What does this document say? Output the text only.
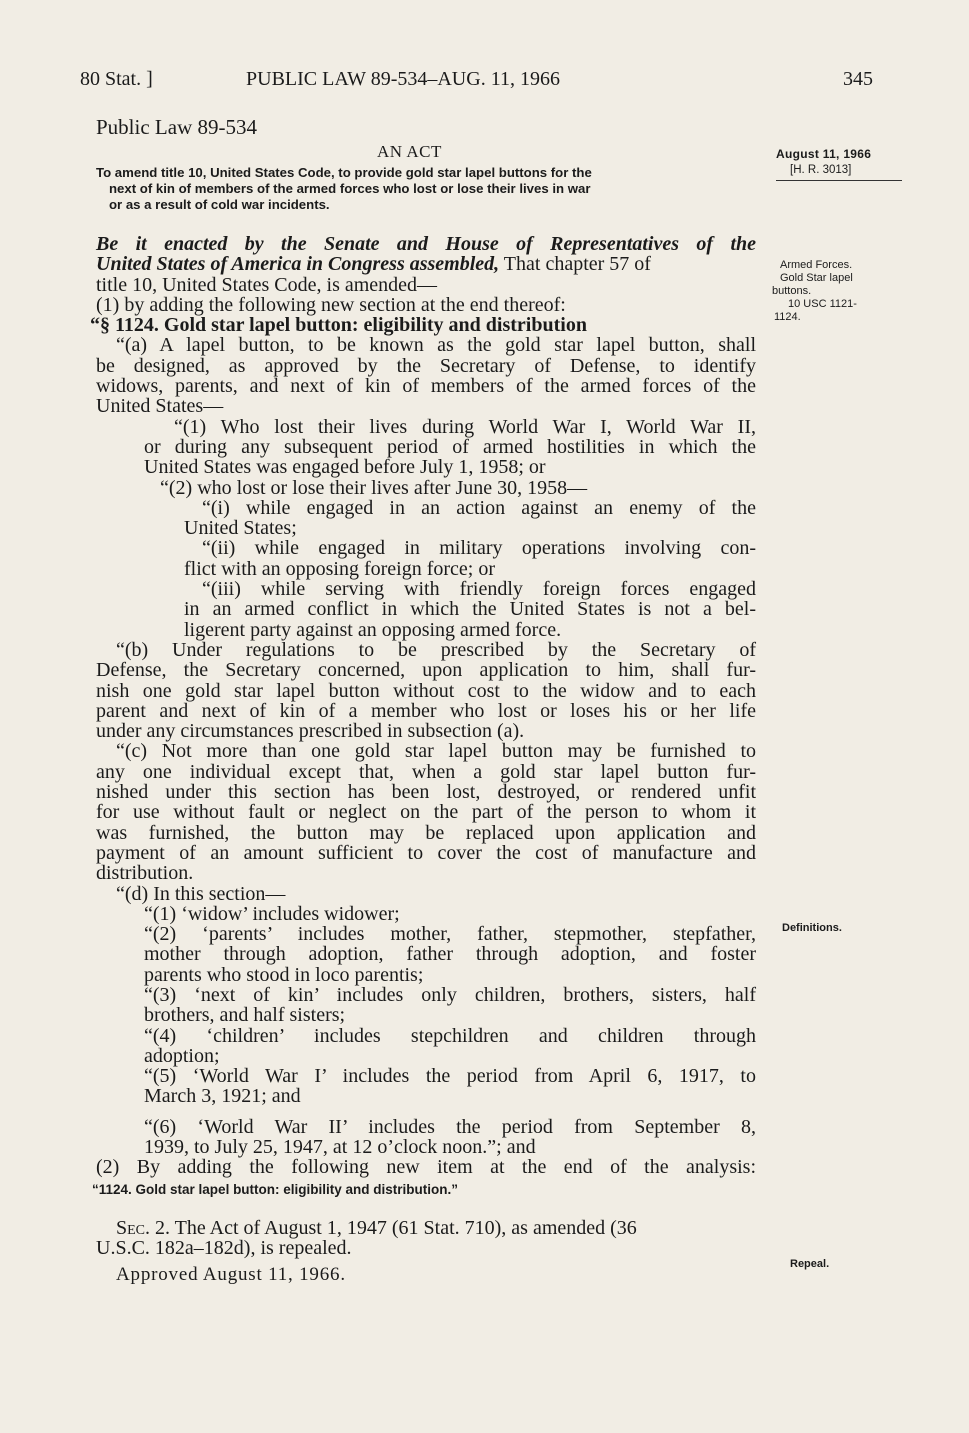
80 Stat. ]	PUBLIC LAW 89-534–AUG. 11, 1966	345
Public Law 89-534
AN ACT
To amend title 10, United States Code, to provide gold star lapel buttons for the
next of kin of members of the armed forces who lost or lose their lives in war
or as a result of cold war incidents.
August 11, 1966
[H. R. 3013]
Armed Forces.
Gold Star lapel
buttons.
10 USC 1121-
1124.
Definitions.
Repeal.
Be it enacted by the Senate and House of Representatives of the
United States of America in Congress assembled, That chapter 57 of
title 10, United States Code, is amended—
(1) by adding the following new section at the end thereof:
“§ 1124. Gold star lapel button: eligibility and distribution
“(a) A lapel button, to be known as the gold star lapel button, shall
be designed, as approved by the Secretary of Defense, to identify
widows, parents, and next of kin of members of the armed forces of the
United States—
“(1) Who lost their lives during World War I, World War II,
or during any subsequent period of armed hostilities in which the
United States was engaged before July 1, 1958; or
“(2) who lost or lose their lives after June 30, 1958—
“(i) while engaged in an action against an enemy of the
United States;
“(ii) while engaged in military operations involving con-
flict with an opposing foreign force; or
“(iii) while serving with friendly foreign forces engaged
in an armed conflict in which the United States is not a bel-
ligerent party against an opposing armed force.
“(b) Under regulations to be prescribed by the Secretary of
Defense, the Secretary concerned, upon application to him, shall fur-
nish one gold star lapel button without cost to the widow and to each
parent and next of kin of a member who lost or loses his or her life
under any circumstances prescribed in subsection (a).
“(c) Not more than one gold star lapel button may be furnished to
any one individual except that, when a gold star lapel button fur-
nished under this section has been lost, destroyed, or rendered unfit
for use without fault or neglect on the part of the person to whom it
was furnished, the button may be replaced upon application and
payment of an amount sufficient to cover the cost of manufacture and
distribution.
“(d) In this section—
“(1) ‘widow’ includes widower;
“(2) ‘parents’ includes mother, father, stepmother, stepfather,
mother through adoption, father through adoption, and foster
parents who stood in loco parentis;
“(3) ‘next of kin’ includes only children, brothers, sisters, half
brothers, and half sisters;
“(4) ‘children’ includes stepchildren and children through
adoption;
“(5) ‘World War I’ includes the period from April 6, 1917, to
March 3, 1921; and
“(6) ‘World War II’ includes the period from September 8,
1939, to July 25, 1947, at 12 o’clock noon.”; and
(2) By adding the following new item at the end of the analysis:
“1124. Gold star lapel button: eligibility and distribution.”
Sec. 2. The Act of August 1, 1947 (61 Stat. 710), as amended (36
U.S.C. 182a–182d), is repealed.
Approved August 11, 1966.
